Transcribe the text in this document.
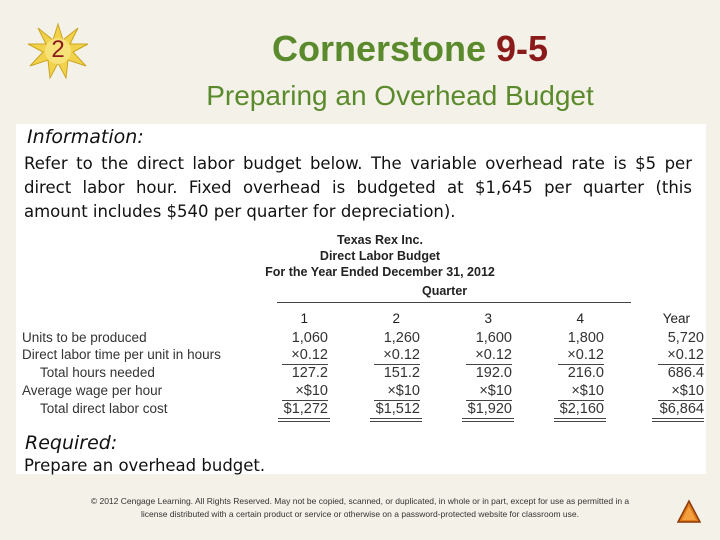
2	Cornerstone 9-5
Preparing an Overhead Budget
Information:
Refer to the direct labor budget below. The variable overhead rate is $5 per direct labor hour. Fixed overhead is budgeted at $1,645 per quarter (this amount includes $540 per quarter for depreciation).
Texas Rex Inc.
Direct Labor Budget
For the Year Ended December 31, 2012
Quarter
1	2	3	4	Year
Units to be produced	1,060	1,260	1,600	1,800	5,720
Direct labor time per unit in hours	×0.12	×0.12	×0.12	×0.12	×0.12
Total hours needed	127.2	151.2	192.0	216.0	686.4
Average wage per hour	×$10	×$10	×$10	×$10	×$10
Total direct labor cost	$1,272	$1,512	$1,920	$2,160	$6,864
Required:
Prepare an overhead budget.
© 2012 Cengage Learning. All Rights Reserved. May not be copied, scanned, or duplicated, in whole or in part, except for use as permitted in a
license distributed with a certain product or service or otherwise on a password-protected website for classroom use.
